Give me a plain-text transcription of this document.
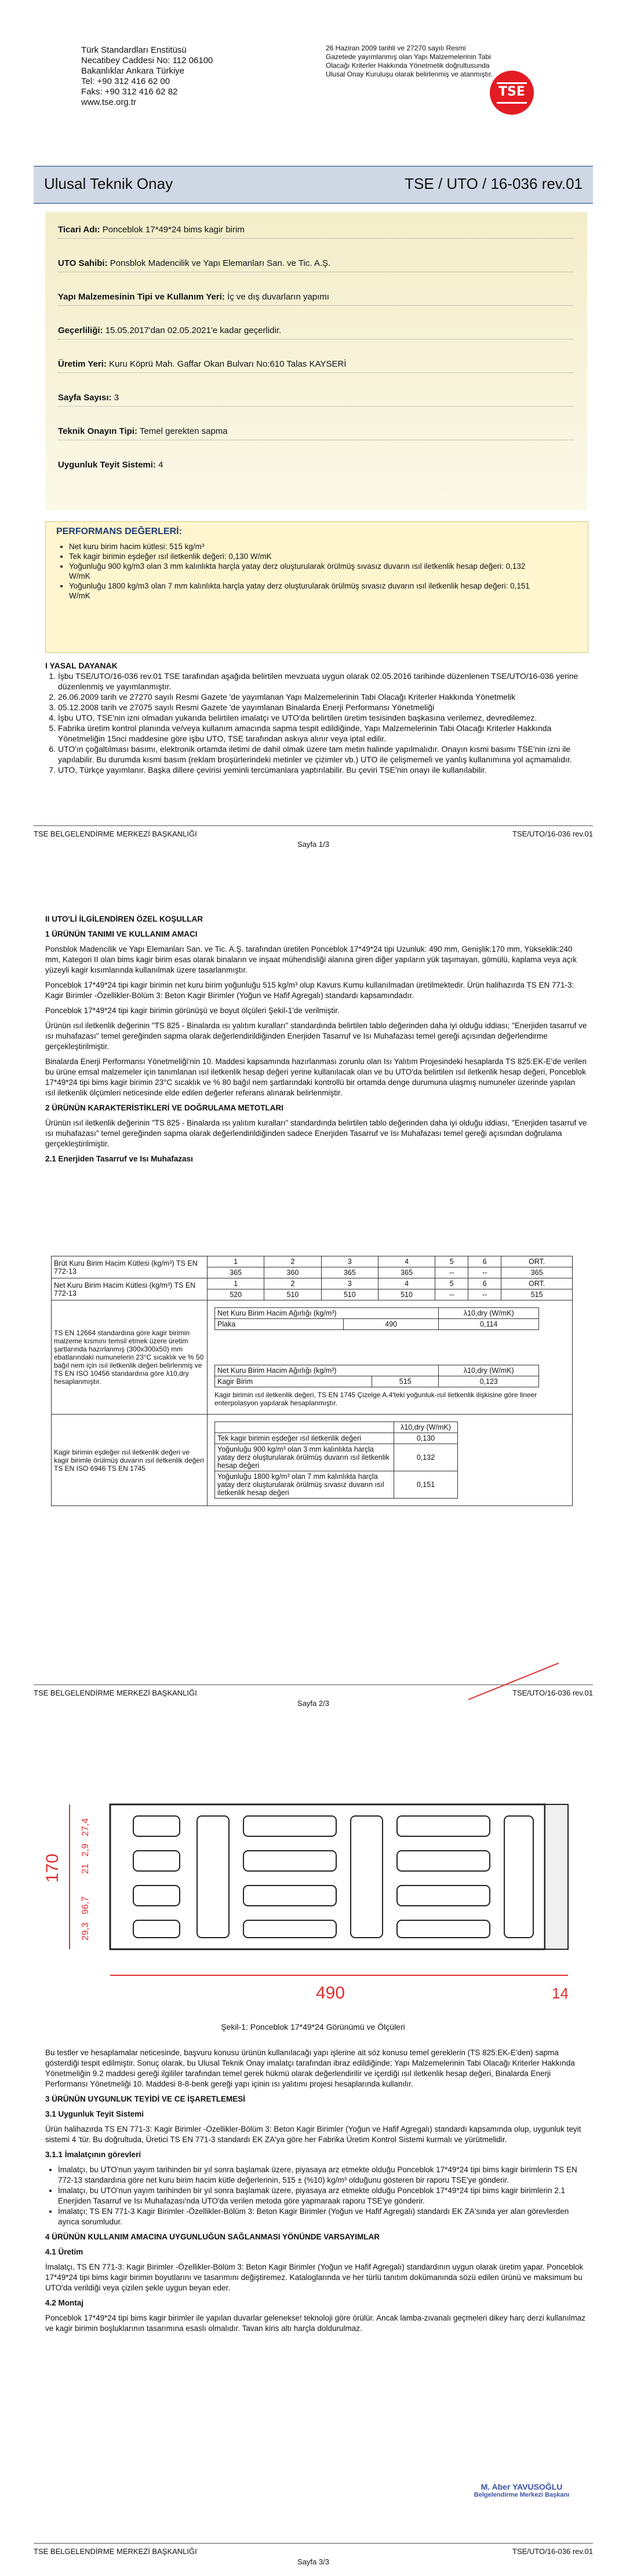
Türk Standardları Enstitüsü
Necatibey Caddesi No: 112 06100
Bakanlıklar Ankara Türkiye
Tel: +90 312 416 62 00
Faks: +90 312 416 62 82
www.tse.org.tr
26 Haziran 2009 tarihli ve 27270 sayılı Resmi Gazetede yayımlanmış olan Yapı Malzemelerinin Tabi Olacağı Kriterler Hakkında Yönetmelik doğrultusunda Ulusal Onay Kuruluşu olarak belirlenmiş ve atanmıştır.
TSE
Ulusal Teknik Onay	TSE / UTO / 16-036 rev.01
Ticari Adı: Ponceblok 17*49*24 bims kagir birim
UTO Sahibi: Ponsblok Madencilik ve Yapı Elemanları San. ve Tic. A.Ş.
Yapı Malzemesinin Tipi ve Kullanım Yeri: İç ve dış duvarların yapımı
Geçerliliği: 15.05.2017'dan 02.05.2021'e kadar geçerlidir.
Üretim Yeri: Kuru Köprü Mah. Gaffar Okan Bulvarı No:610 Talas KAYSERİ
Sayfa Sayısı: 3
Teknik Onayın Tipi: Temel gerekten sapma
Uygunluk Teyit Sistemi: 4
PERFORMANS DEĞERLERİ:
• Net kuru birim hacim kütlesi: 515 kg/m³
• Tek kagir birimin eşdeğer ısıl iletkenlik değeri: 0,130 W/mK
• Yoğunluğu 900 kg/m3 olan 3 mm kalınlıkta harçla yatay derz oluşturularak örülmüş sıvasız duvarın ısıl iletkenlik hesap değeri: 0,132 W/mK
• Yoğunluğu 1800 kg/m3 olan 7 mm kalınlıkta harçla yatay derz oluşturularak örülmüş sıvasız duvarın ısıl iletkenlik hesap değeri: 0,151 W/mK
I YASAL DAYANAK
1. İşbu TSE/UTO/16-036 rev.01 TSE tarafından aşağıda belirtilen mevzuata uygun olarak 02.05.2016 tarihinde düzenlenen TSE/UTO/16-036 yerine düzenlenmiş ve yayımlanmıştır.
2. 26.06.2009 tarih ve 27270 sayılı Resmi Gazete 'de yayımlanan Yapı Malzemelerinin Tabi Olacağı Kriterler Hakkında Yönetmelik
3. 05.12.2008 tarih ve 27075 sayılı Resmi Gazete 'de yayımlanan Binalarda Enerji Performansı Yönetmeliği
4. İşbu UTO, TSE'nin izni olmadan yukarıda belirtilen imalatçı ve UTO'da belirtilen üretim tesisinden başkasına verilemez, devredilemez.
5. Fabrika üretim kontrol planında ve/veya kullanım amacında sapma tespit edildiğinde, Yapı Malzemelerinin Tabi Olacağı Kriterler Hakkında Yönetmeliğin 15nci maddesine göre işbu UTO, TSE tarafından askıya alınır veya iptal edilir.
6. UTO'ın çoğaltılması basımı, elektronik ortamda iletimi de dahil olmak üzere tam metin halinde yapılmalıdır. Onayın kısmi basımı TSE'nin izni ile yapılabilir. Bu durumda kısmi basım (reklam broşürlerindeki metinler ve çizimler vb.) UTO ile çelişmemeli ve yanlış kullanımına yol açmamalıdır.
7. UTO, Türkçe yayımlanır. Başka dillere çevirisi yeminli tercümanlara yaptırılabilir. Bu çeviri TSE'nin onayı ile kullanılabilir.
TSE BELGELENDİRME MERKEZİ BAŞKANLIĞI	TSE/UTO/16-036 rev.01
Sayfa 1/3

II UTO'Lİ İLGİLENDİREN ÖZEL KOŞULLAR

1 ÜRÜNÜN TANIMI VE KULLANIM AMACI

Ponsblok Madencilik ve Yapı Elemanları San. ve Tic. A.Ş. tarafından üretilen Ponceblok 17*49*24 tipi Uzunluk: 490 mm, Genişlik:170 mm, Yükseklik:240 mm, Kategori II olan bims kagir birim esas olarak binaların ve inşaat mühendisliği alanına giren diğer yapıların yük taşımayan, gömülü, kaplama veya açık yüzeyli kagir kısımlarında kullanılmak üzere tasarlanmıştır.

Ponceblok 17*49*24 tipi kagir birimin net kuru birim yoğunluğu 515 kg/m³ olup Kavurs Kumu kullanılmadan üretilmektedir. Ürün halihazırda TS EN 771-3: Kagir Birimler -Özellikler-Bölüm 3: Beton Kagir Birimler (Yoğun ve Hafif Agregalı) standardı kapsamındadır.

Ponceblok 17*49*24 tipi kagir birimin görünüşü ve boyut ölçüleri Şekil-1'de verilmiştir.

Ürünün ısıl iletkenlik değerinin "TS 825 - Binalarda ısı yalıtım kuralları" standardında belirtilen tablo değerinden daha iyi olduğu iddiası; "Enerjiden tasarruf ve ısı muhafazası" temel gereğinden sapma olarak değerlendirildiğinden Enerjiden Tasarruf ve Isı Muhafazası temel gereği açısından değerlendirme gerçekleştirilmiştir.

Binalarda Enerji Performansı Yönetmeliği'nin 10. Maddesi kapsamında hazırlanması zorunlu olan Isı Yalıtım Projesindeki hesaplarda TS 825:EK-E'de verilen bu ürüne emsal malzemeler için tanımlanan ısıl iletkenlik hesap değeri yerine kullanılacak olan ve bu UTO'da belirtilen ısıl iletkenlik hesap değeri, Ponceblok 17*49*24 tipi bims kagir birimin 23°C sıcaklık ve % 80 bağıl nem şartlarındaki kontrollü bir ortamda denge durumuna ulaşmış numuneler üzerinde yapılan ısıl iletkenlik ölçümleri neticesinde elde edilen değerler referans alınarak belirlenmiştir.

2 ÜRÜNÜN KARAKTERİSTİKLERİ VE DOĞRULAMA METOTLARI

Ürünün ısıl iletkenlik değerinin "TS 825 - Binalarda ısı yalıtım kuralları" standardında belirtilen tablo değerinden daha iyi olduğu iddiası, "Enerjiden tasarruf ve ısı muhafazası" temel gereğinden sapma olarak değerlendirildiğinden sadece Enerjiden Tasarruf ve Isı Muhafazası temel gereği açısından doğrulama gerçekleştirilmiştir.

2.1 Enerjiden Tasarruf ve Isı Muhafazası

Brüt Kuru Birim Hacim Kütlesi (kg/m³) TS EN 772-13	1	2	3	4	5	6	ORT.
	365	360	365	365	--	--	365
Net Kuru Birim Hacim Kütlesi (kg/m³) TS EN 772-13	1	2	3	4	5	6	ORT.
	520	510	510	510	--	--	515
TS EN 12664 standardına göre kagir birimin malzeme kısmını temsil etmek üzere üretim şartlarında hazırlanmış (300x300x50) mm ebatlarındaki numunelerin 23°C sıcaklık ve % 50 bağıl nem için ısıl iletkenlik değeri belirlenmiş ve TS EN ISO 10456 standardına göre λ10,dry hesaplanmıştır.	
Net Kuru Birim Hacim Ağırlığı (kg/m³)	λ10,dry (W/mK)
Plaka	490	0,114
Net Kuru Birim Hacim Ağırlığı (kg/m³)	λ10,dry (W/mK)
Kagir Birim	515	0,123
Kagir birimin ısıl iletkenlik değeri, TS EN 1745 Çizelge A.4'teki yoğunluk-ısıl iletkenlik ilişkisine göre lineer enterpolasyon yapılarak hesaplanmıştır.

Kagir birimin eşdeğer ısıl iletkenlik değeri ve kagir birimle örülmüş duvarın ısıl iletkenlik değeri TS EN ISO 6946 TS EN 1745	
	λ10,dry (W/mK)
Tek kagir birimin eşdeğer ısıl iletkenlik değeri	0,130
Yoğunluğu 900 kg/m³ olan 3 mm kalınlıkta harçla yatay derz oluşturularak örülmüş duvarın ısıl iletkenlik hesap değeri	0,132
Yoğunluğu 1800 kg/m³ olan 7 mm kalınlıkta harçla yatay derz oluşturularak örülmüş sıvasız duvarın ısıl iletkenlik hesap değeri	0,151
TSE BELGELENDİRME MERKEZİ BAŞKANLIĞI	TSE/UTO/16-036 rev.01
Sayfa 2/3
170
490	14
27,4
2,9
21
96,7
29,3
Şekil-1: Ponceblok 17*49*24 Görünümü ve Ölçüleri

Bu testler ve hesaplamalar neticesinde, başvuru konusu ürünün kullanılacağı yapı işlerine ait söz konusu temel gereklerin (TS 825:EK-E'den) sapma gösterdiği tespit edilmiştir. Sonuç olarak, bu Ulusal Teknik Onay imalatçı tarafından ibraz edildiğinde; Yapı Malzemelerinin Tabi Olacağı Kriterler Hakkında Yönetmeliğin 9.2 maddesi gereği ilgililer tarafından temel gerek hükmü olarak değerlendirilir ve içerdiği ısıl iletkenlik hesap değeri, Binalarda Enerji Performansı Yönetmeliği 10. Maddesi 8-8-benk gereği yapı içinin ısı yalıtımı projesi hesaplarında kullanılır.

3 ÜRÜNÜN UYGUNLUK TEYİDİ VE CE İŞARETLEMESİ

3.1 Uygunluk Teyit Sistemi

Ürün halihazırda TS EN 771-3: Kagir Birimler -Özellikler-Bölüm 3: Beton Kagir Birimler (Yoğun ve Hafif Agregalı) standardı kapsamında olup, uygunluk teyit sistemi 4 'tür. Bu doğrultuda, Üretici TS EN 771-3 standardı EK ZA'ya göre her Fabrika Üretim Kontrol Sistemi kurmalı ve yürütmelidir.

3.1.1 İmalatçının görevleri

• İmalatçı, bu UTO'nun yayım tarihinden bir yıl sonra başlamak üzere, piyasaya arz etmekte olduğu Ponceblok 17*49*24 tipi bims kagir birimlerin TS EN 772-13 standardına göre net kuru birim hacim kütle değerlerinin, 515 ± (%10) kg/m³ olduğunu gösteren bir raporu TSE'ye gönderir.
• İmalatçı, bu UTO'nun yayım tarihinden bir yıl sonra başlamak üzere, piyasaya arz etmekte olduğu Ponceblok 17*49*24 tipi bims kagir birimlerin 2.1 Enerjiden Tasarruf ve Isı Muhafazası'nda UTO'da verilen metoda göre yapmaraak raporu TSE'ye gönderir.
• İmalatçı; TS EN 771-3 Kagir Birimler -Özellikler-Bölüm 3: Beton Kagir Birimler (Yoğun ve Hafif Agregalı) standardı EK ZA'sında yer alan görevlerden ayrıca sorumludur.

4 ÜRÜNÜN KULLANIM AMACINA UYGUNLUĞUN SAĞLANMASI YÖNÜNDE VARSAYIMLAR

4.1 Üretim

İmalatçı, TS EN 771-3: Kagir Birimler -Özellikler-Bölüm 3: Beton Kagir Birimler (Yoğun ve Hafif Agregalı) standardının uygun olarak üretim yapar. Ponceblok 17*49*24 tipi bims kagir birimin boyutlarını ve tasarımını değiştiremez. Kataloglarında ve her türlü tanıtım dokümanında sözü edilen ürünü ve maksimum bu UTO'da verildiği veya çizilen şekle uygun beyan eder.

4.2 Montaj

Ponceblok 17*49*24 tipi bims kagir birimler ile yapılan duvarlar gelenekse! teknoloji göre örülür. Ancak lamba-zıvanalı geçmeleri dikey harç derzi kullanılmaz ve kagir birimin boşluklarının tasarımına esaslı olmalıdır. Tavan kiris altı harçla doldurulmaz.

M. Aber YAVUSOĞLU
Belgelendirme Merkezi Başkanı
TSE BELGELENDİRME MERKEZİ BAŞKANLIĞI	TSE/UTO/16-036 rev.01
Sayfa 3/3
